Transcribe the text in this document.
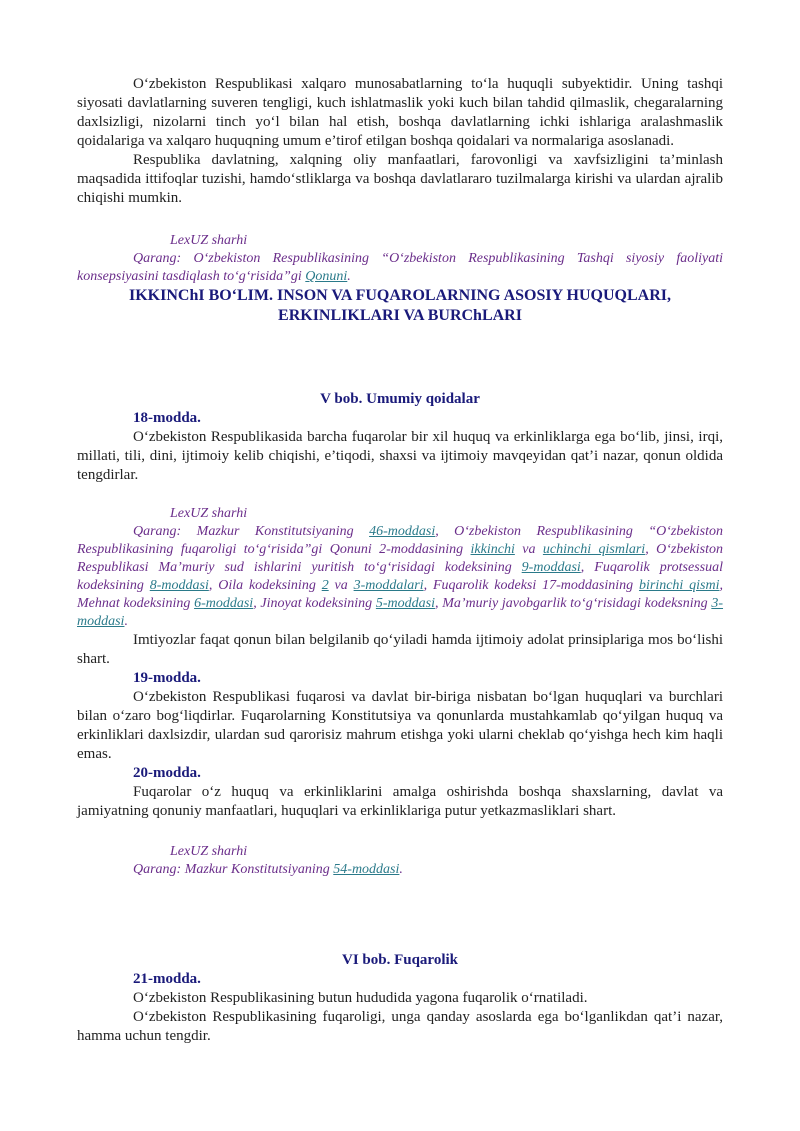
O‘zbekiston Respublikasi xalqaro munosabatlarning to‘la huquqli subyektidir. Uning tashqi siyosati davlatlarning suveren tengligi, kuch ishlatmaslik yoki kuch bilan tahdid qilmaslik, chegaralarning daxlsizligi, nizolarni tinch yo‘l bilan hal etish, boshqa davlatlarning ichki ishlariga aralashmaslik qoidalariga va xalqaro huquqning umum e’tirof etilgan boshqa qoidalari va normalariga asoslanadi.

Respublika davlatning, xalqning oliy manfaatlari, farovonligi va xavfsizligini ta’minlash maqsadida ittifoqlar tuzishi, hamdo‘stliklarga va boshqa davlatlararo tuzilmalarga kirishi va ulardan ajralib chiqishi mumkin.

LexUZ sharhi
Qarang: O‘zbekiston Respublikasining “O‘zbekiston Respublikasining Tashqi siyosiy faoliyati konsepsiyasini tasdiqlash to‘g‘risida”gi Qonuni.
IKKINChI BO‘LIM. INSON VA FUQAROLARNING ASOSIY HUQUQLARI, ERKINLIKLARI VA BURChLARI
V bob. Umumiy qoidalar
18-modda.

O‘zbekiston Respublikasida barcha fuqarolar bir xil huquq va erkinliklarga ega bo‘lib, jinsi, irqi, millati, tili, dini, ijtimoiy kelib chiqishi, e’tiqodi, shaxsi va ijtimoiy mavqeyidan qat’i nazar, qonun oldida tengdirlar.

LexUZ sharhi
Qarang: Mazkur Konstitutsiyaning 46-moddasi, O‘zbekiston Respublikasining “O‘zbekiston Respublikasining fuqaroligi to‘g‘risida”gi Qonuni 2-moddasining ikkinchi va uchinchi qismlari, O‘zbekiston Respublikasi Ma’muriy sud ishlarini yuritish to‘g‘risidagi kodeksining 9-moddasi, Fuqarolik protsessual kodeksining 8-moddasi, Oila kodeksining 2 va 3-moddalari, Fuqarolik kodeksi 17-moddasining birinchi qismi, Mehnat kodeksining 6-moddasi, Jinoyat kodeksining 5-moddasi, Ma’muriy javobgarlik to‘g‘risidagi kodeksning 3-moddasi.

Imtiyozlar faqat qonun bilan belgilanib qo‘yiladi hamda ijtimoiy adolat prinsiplariga mos bo‘lishi shart.

19-modda.

O‘zbekiston Respublikasi fuqarosi va davlat bir-biriga nisbatan bo‘lgan huquqlari va burchlari bilan o‘zaro bog‘liqdirlar. Fuqarolarning Konstitutsiya va qonunlarda mustahkamlab qo‘yilgan huquq va erkinliklari daxlsizdir, ulardan sud qarorisiz mahrum etishga yoki ularni cheklab qo‘yishga hech kim haqli emas.

20-modda.

Fuqarolar o‘z huquq va erkinliklarini amalga oshirishda boshqa shaxslarning, davlat va jamiyatning qonuniy manfaatlari, huquqlari va erkinliklariga putur yetkazmasliklari shart.

LexUZ sharhi
Qarang: Mazkur Konstitutsiyaning 54-moddasi.
VI bob. Fuqarolik
21-modda.

O‘zbekiston Respublikasining butun hududida yagona fuqarolik o‘rnatiladi.

O‘zbekiston Respublikasining fuqaroligi, unga qanday asoslarda ega bo‘lganlikdan qat’i nazar, hamma uchun tengdir.
